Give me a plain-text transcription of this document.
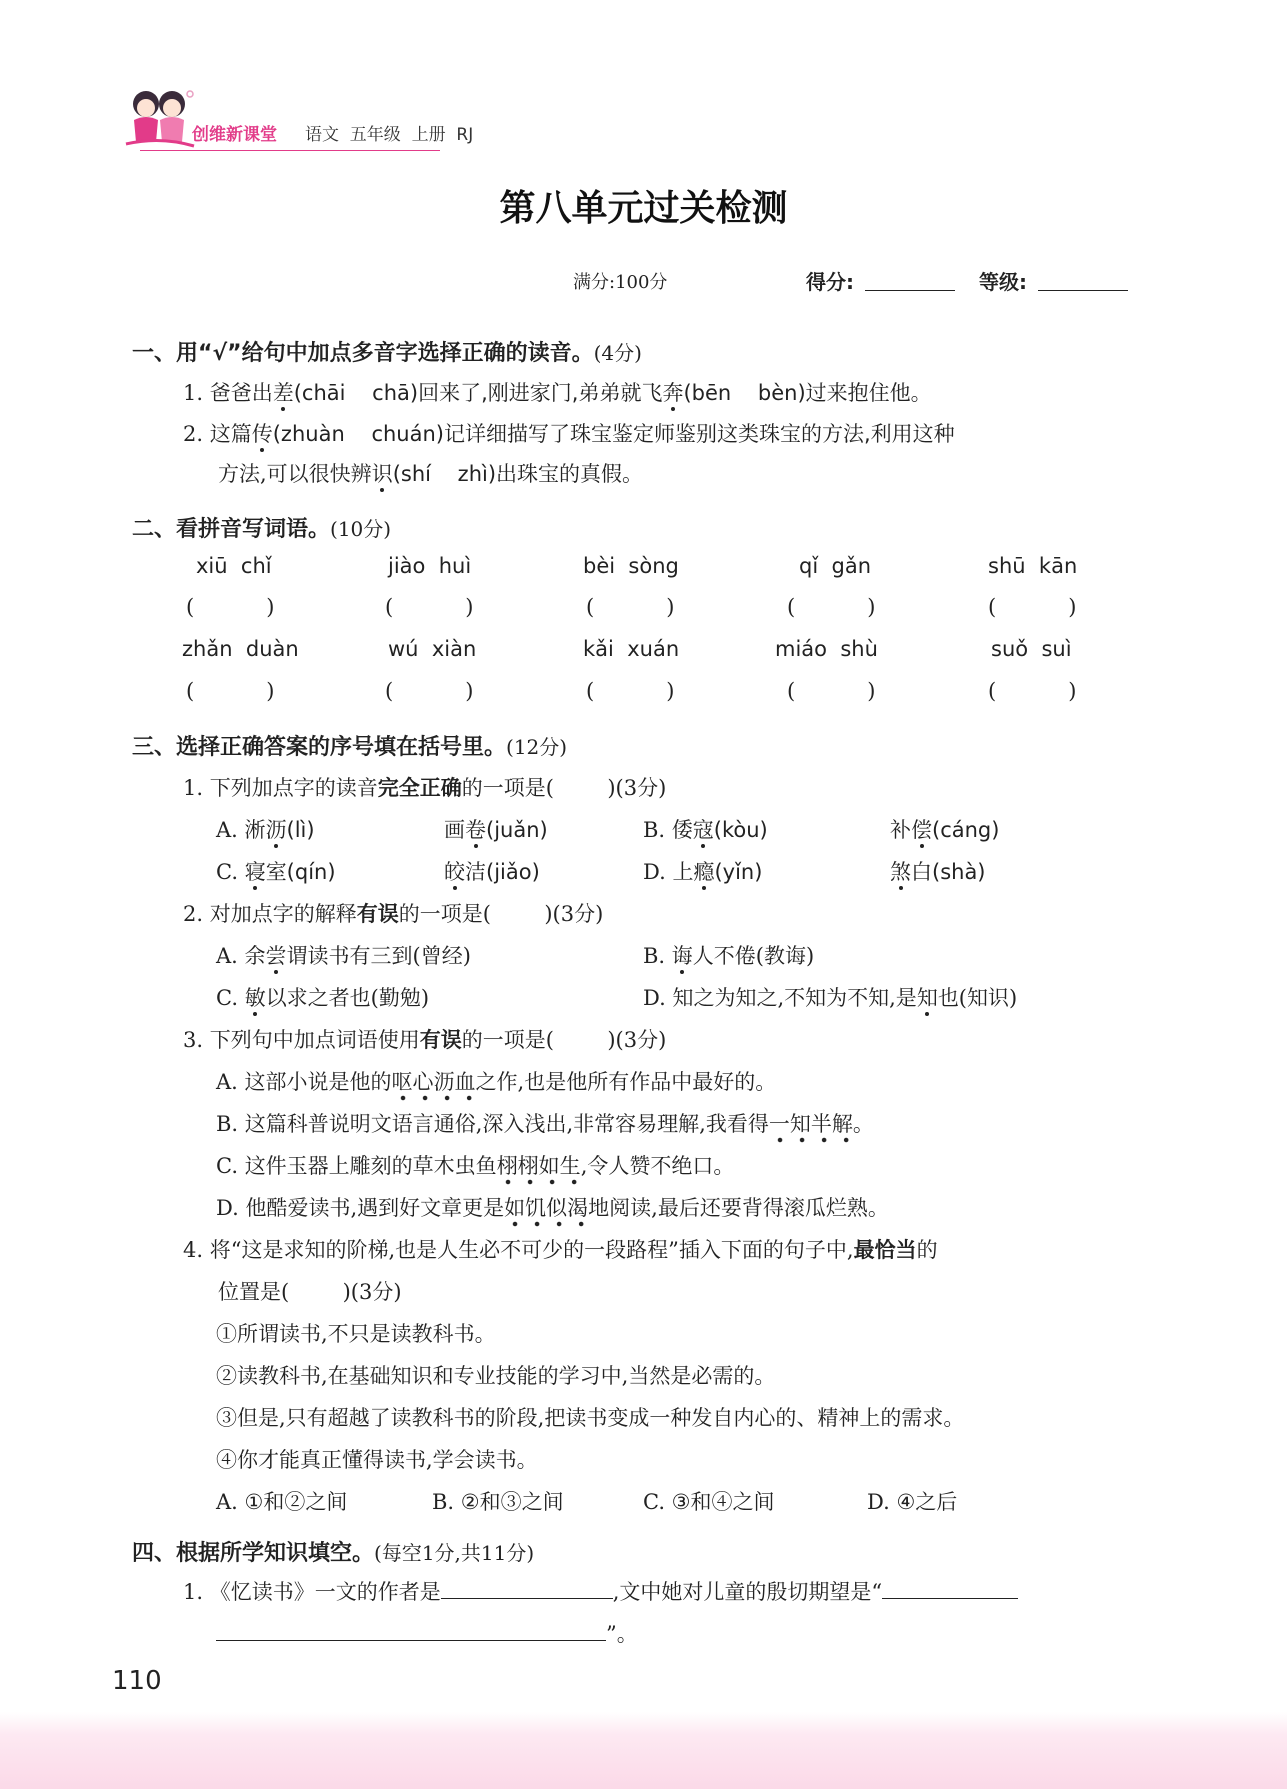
创维新课堂 语文  五年级  上册  RJ
第八单元过关检测
满分:100分	得分:	等级:
一、用“√”给句中加点多音字选择正确的读音。(4分)
1. 爸爸出差(chāi    chā)回来了,刚进家门,弟弟就飞奔(bēn    bèn)过来抱住他。
2. 这篇传(zhuàn    chuán)记详细描写了珠宝鉴定师鉴别这类珠宝的方法,利用这种
方法,可以很快辨识(shí    zhì)出珠宝的真假。
二、看拼音写词语。(10分)
xiū  chǐ	jiào  huì	bèi  sòng	qǐ  gǎn	shū  kān
(	)	(	)	(	)	(	)	(	)
zhǎn  duàn	wú  xiàn	kǎi  xuán	miáo  shù	suǒ  suì
(	)	(	)	(	)	(	)	(	)
三、选择正确答案的序号填在括号里。(12分)
1. 下列加点字的读音完全正确的一项是(        )(3分)
A. 淅沥(lì)	画卷(juǎn)	B. 倭寇(kòu)	补偿(cáng)
C. 寝室(qín)	皎洁(jiǎo)	D. 上瘾(yǐn)	煞白(shà)
2. 对加点字的解释有误的一项是(        )(3分)
A. 余尝谓读书有三到(曾经)	B. 诲人不倦(教诲)
C. 敏以求之者也(勤勉)	D. 知之为知之,不知为不知,是知也(知识)
3. 下列句中加点词语使用有误的一项是(        )(3分)
A. 这部小说是他的呕心沥血之作,也是他所有作品中最好的。
B. 这篇科普说明文语言通俗,深入浅出,非常容易理解,我看得一知半解。
C. 这件玉器上雕刻的草木虫鱼栩栩如生,令人赞不绝口。
D. 他酷爱读书,遇到好文章更是如饥似渴地阅读,最后还要背得滚瓜烂熟。
4. 将“这是求知的阶梯,也是人生必不可少的一段路程”插入下面的句子中,最恰当的
位置是(        )(3分)
①所谓读书,不只是读教科书。
②读教科书,在基础知识和专业技能的学习中,当然是必需的。
③但是,只有超越了读教科书的阶段,把读书变成一种发自内心的、精神上的需求。
④你才能真正懂得读书,学会读书。
A. ①和②之间	B. ②和③之间	C. ③和④之间	D. ④之后
四、根据所学知识填空。(每空1分,共11分)
1. 《忆读书》一文的作者是	,文中她对儿童的殷切期望是“
”。
110
